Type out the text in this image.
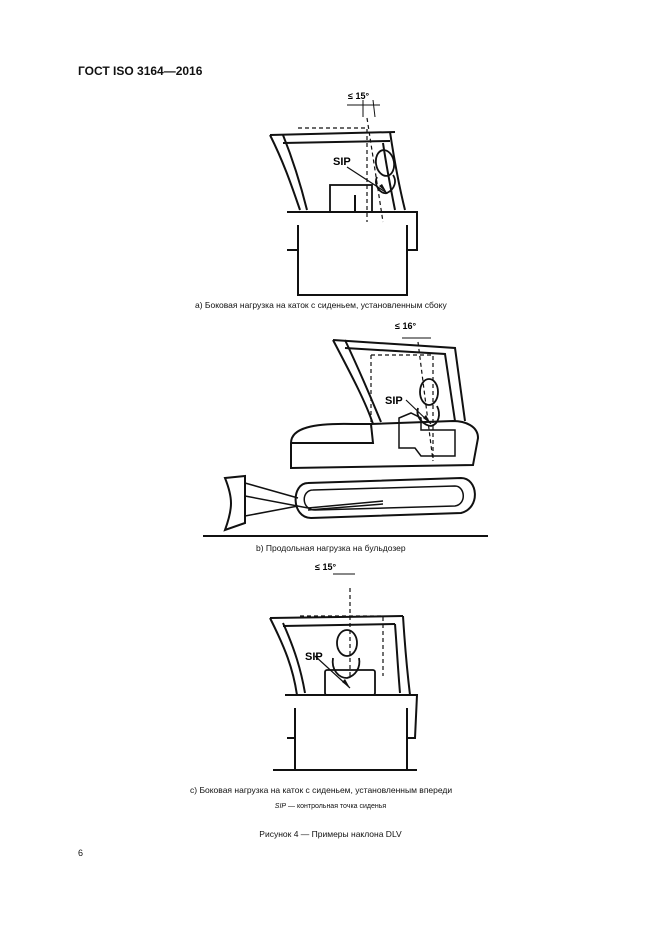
ГОСТ ISO 3164—2016
≤ 15°
SIP
a) Боковая нагрузка на каток с сиденьем, установленным сбоку
≤ 16°
SIP
b) Продольная нагрузка на бульдозер
≤ 15°
SIP
c) Боковая нагрузка на каток с сиденьем, установленным впереди
SIP — контрольная точка сиденья
Рисунок 4 — Примеры наклона DLV
6
